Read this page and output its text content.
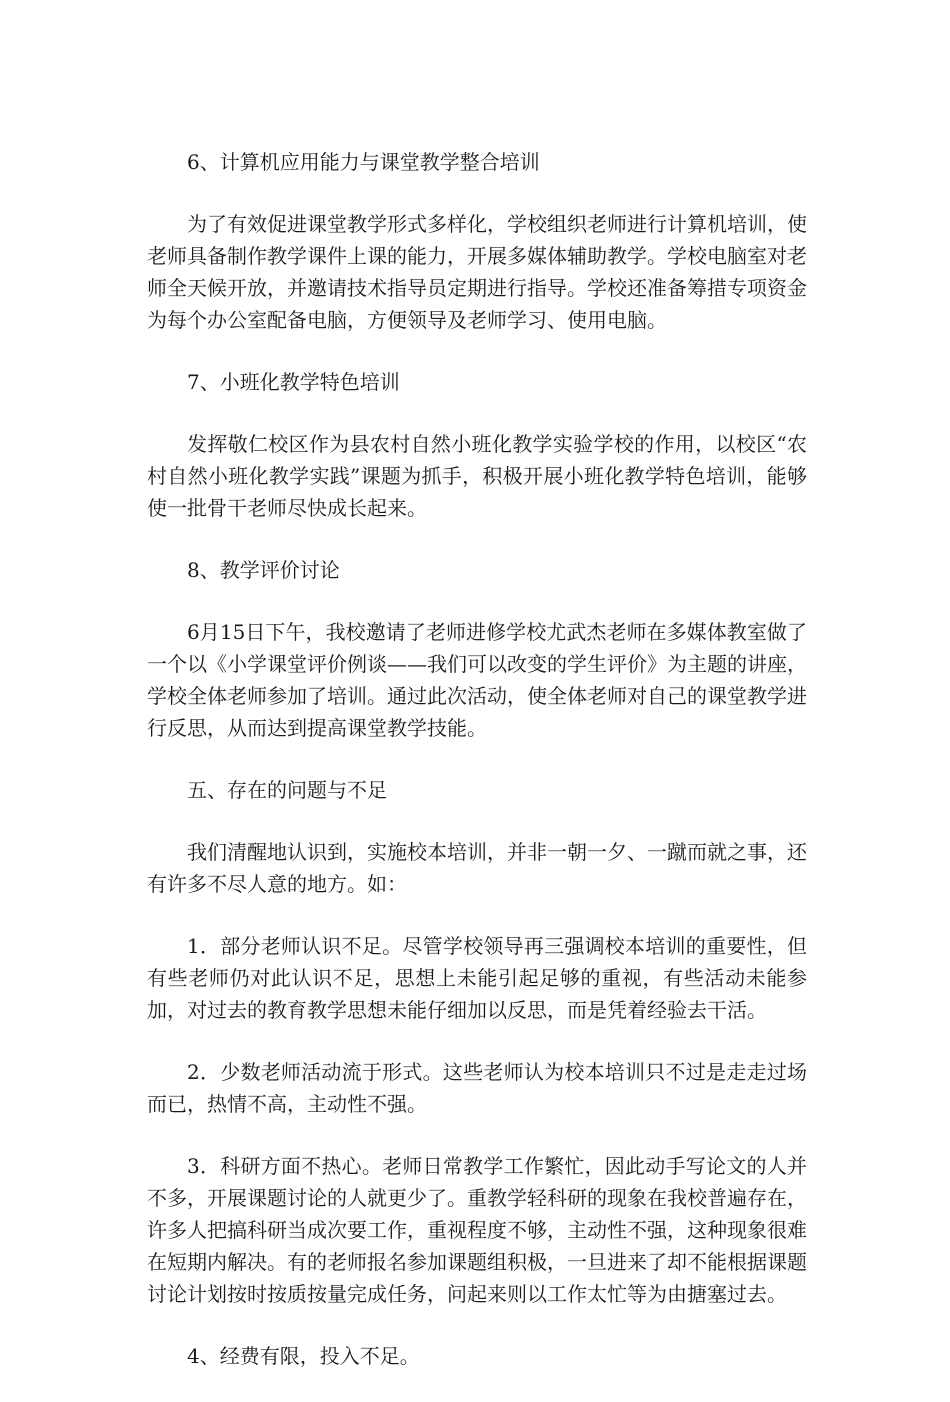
6、计算机应用能力与课堂教学整合培训

为了有效促进课堂教学形式多样化，学校组织老师进行计算机培训，使老师具备制作教学课件上课的能力，开展多媒体辅助教学。学校电脑室对老师全天候开放，并邀请技术指导员定期进行指导。学校还准备筹措专项资金为每个办公室配备电脑，方便领导及老师学习、使用电脑。

7、小班化教学特色培训

发挥敬仁校区作为县农村自然小班化教学实验学校的作用，以校区“农村自然小班化教学实践”课题为抓手，积极开展小班化教学特色培训，能够使一批骨干老师尽快成长起来。

8、教学评价讨论

6月15日下午，我校邀请了老师进修学校尤武杰老师在多媒体教室做了一个以《小学课堂评价例谈——我们可以改变的学生评价》为主题的讲座，学校全体老师参加了培训。通过此次活动，使全体老师对自己的课堂教学进行反思，从而达到提高课堂教学技能。

五、存在的问题与不足

我们清醒地认识到，实施校本培训，并非一朝一夕、一蹴而就之事，还有许多不尽人意的地方。如：

1．部分老师认识不足。尽管学校领导再三强调校本培训的重要性，但有些老师仍对此认识不足，思想上未能引起足够的重视，有些活动未能参加，对过去的教育教学思想未能仔细加以反思，而是凭着经验去干活。

2．少数老师活动流于形式。这些老师认为校本培训只不过是走走过场而已，热情不高，主动性不强。

3．科研方面不热心。老师日常教学工作繁忙，因此动手写论文的人并不多，开展课题讨论的人就更少了。重教学轻科研的现象在我校普遍存在，许多人把搞科研当成次要工作，重视程度不够，主动性不强，这种现象很难在短期内解决。有的老师报名参加课题组积极，一旦进来了却不能根据课题讨论计划按时按质按量完成任务，问起来则以工作太忙等为由搪塞过去。

4、经费有限，投入不足。
